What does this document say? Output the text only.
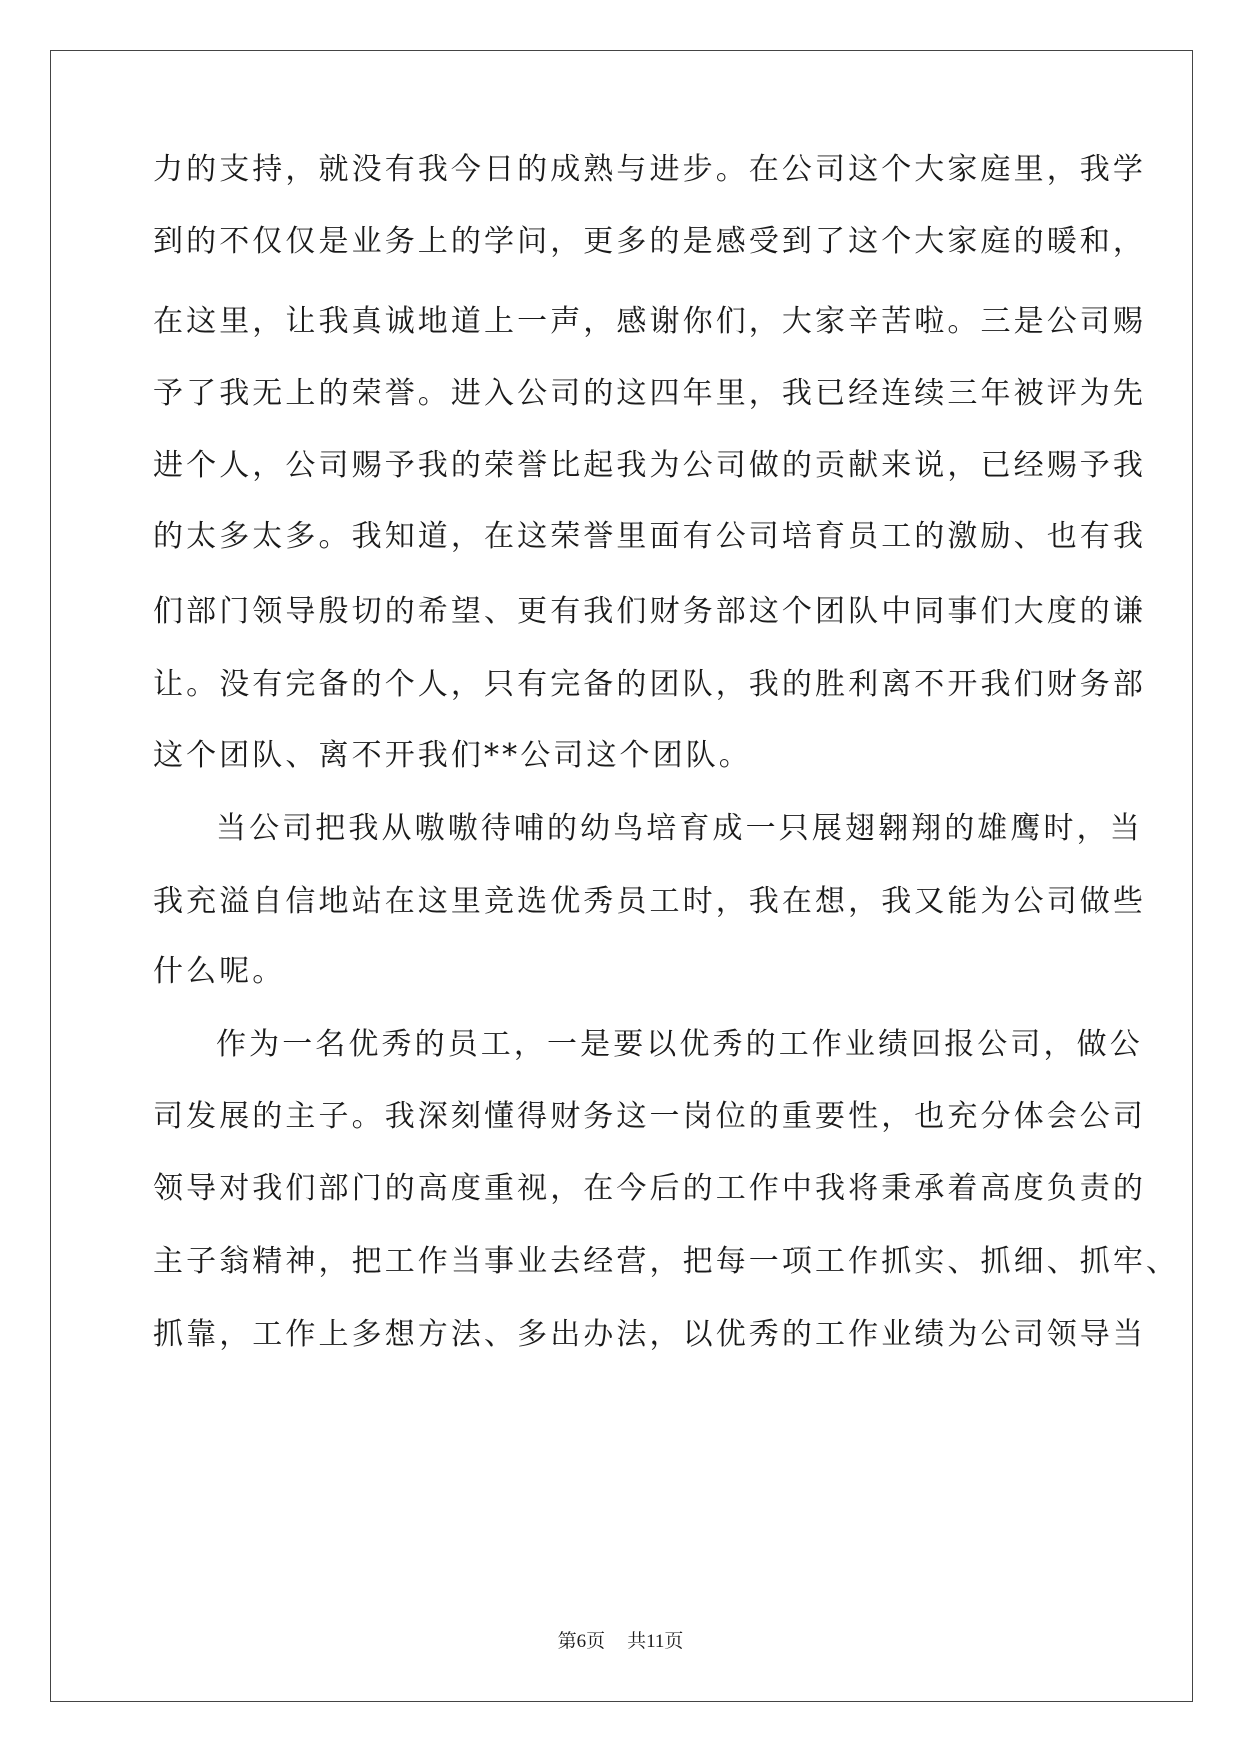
力的支持，就没有我今日的成熟与进步。在公司这个大家庭里，我学
到的不仅仅是业务上的学问，更多的是感受到了这个大家庭的暖和，
在这里，让我真诚地道上一声，感谢你们，大家辛苦啦。三是公司赐
予了我无上的荣誉。进入公司的这四年里，我已经连续三年被评为先
进个人，公司赐予我的荣誉比起我为公司做的贡献来说，已经赐予我
的太多太多。我知道，在这荣誉里面有公司培育员工的激励、也有我
们部门领导殷切的希望、更有我们财务部这个团队中同事们大度的谦
让。没有完备的个人，只有完备的团队，我的胜利离不开我们财务部
这个团队、离不开我们**公司这个团队。
当公司把我从嗷嗷待哺的幼鸟培育成一只展翅翱翔的雄鹰时，当
我充溢自信地站在这里竞选优秀员工时，我在想，我又能为公司做些
什么呢。
作为一名优秀的员工，一是要以优秀的工作业绩回报公司，做公
司发展的主子。我深刻懂得财务这一岗位的重要性，也充分体会公司
领导对我们部门的高度重视，在今后的工作中我将秉承着高度负责的
主子翁精神，把工作当事业去经营，把每一项工作抓实、抓细、抓牢、
抓靠，工作上多想方法、多出办法，以优秀的工作业绩为公司领导当
第6页 共11页
